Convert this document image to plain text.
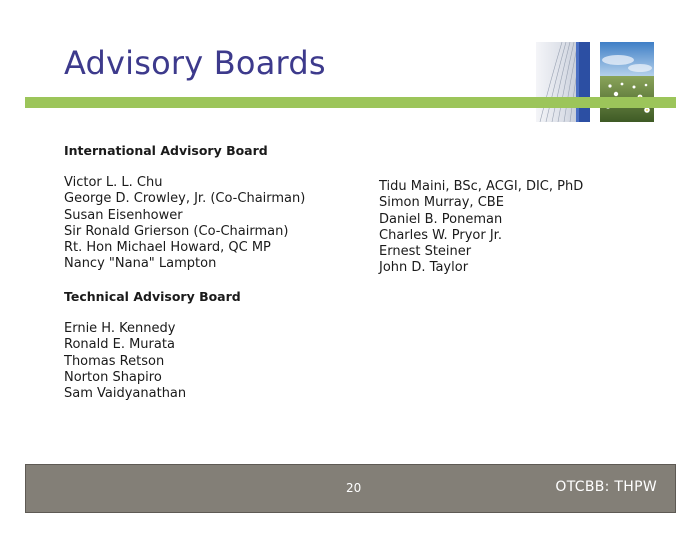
Advisory Boards
International Advisory Board
Victor L. L. Chu
George D. Crowley, Jr. (Co-Chairman)
Susan Eisenhower
Sir Ronald Grierson (Co-Chairman)
Rt. Hon Michael Howard, QC MP
Nancy "Nana" Lampton
Tidu Maini, BSc, ACGI, DIC, PhD
Simon Murray, CBE
Daniel B. Poneman
Charles W. Pryor Jr.
Ernest Steiner
John D. Taylor
Technical Advisory Board
Ernie H. Kennedy
Ronald E. Murata
Thomas Retson
Norton Shapiro
Sam Vaidyanathan
20	OTCBB: THPW
